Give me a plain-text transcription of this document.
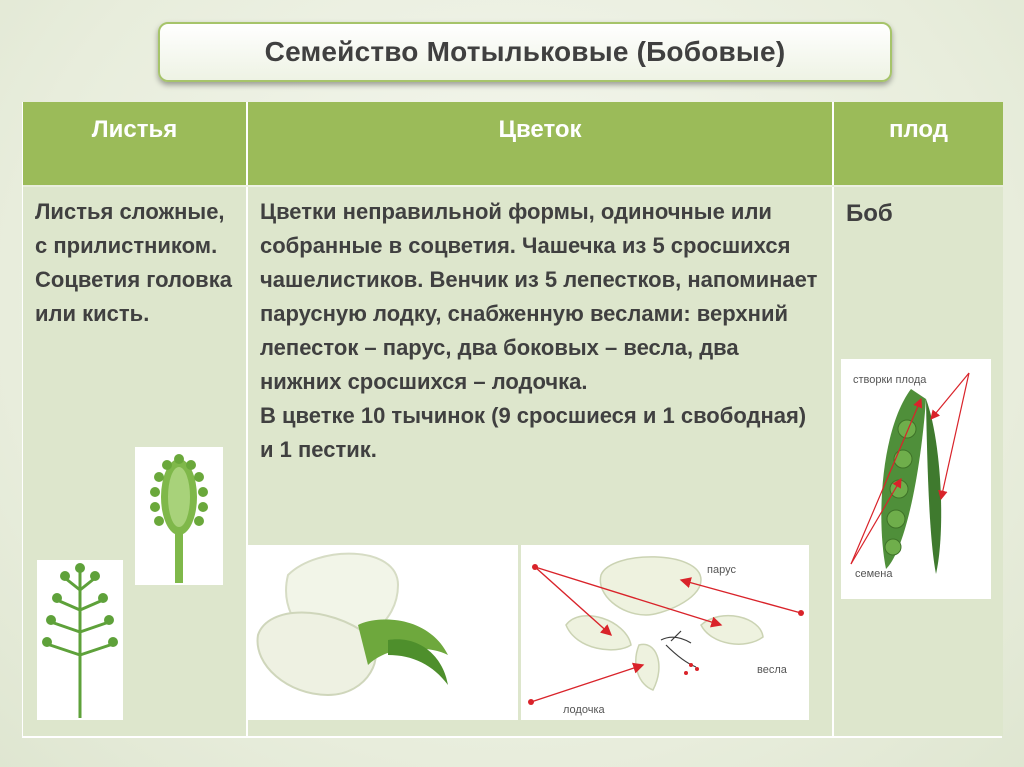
Семейство Мотыльковые (Бобовые)
Листья	Цветок	плод
Листья сложные, с прилистником. Соцветия головка или кисть.

Цветки неправильной формы, одиночные или собранные в соцветия. Чашечка из 5 сросшихся чашелистиков. Венчик из 5 лепестков, напоминает парусную лодку, снабженную веслами: верхний лепесток – парус, два боковых – весла, два нижних сросшихся – лодочка.

В цветке 10 тычинок (9 сросшиеся и 1 свободная) и 1 пестик.

Боб
парус
весла
лодочка
створки плода
семена
